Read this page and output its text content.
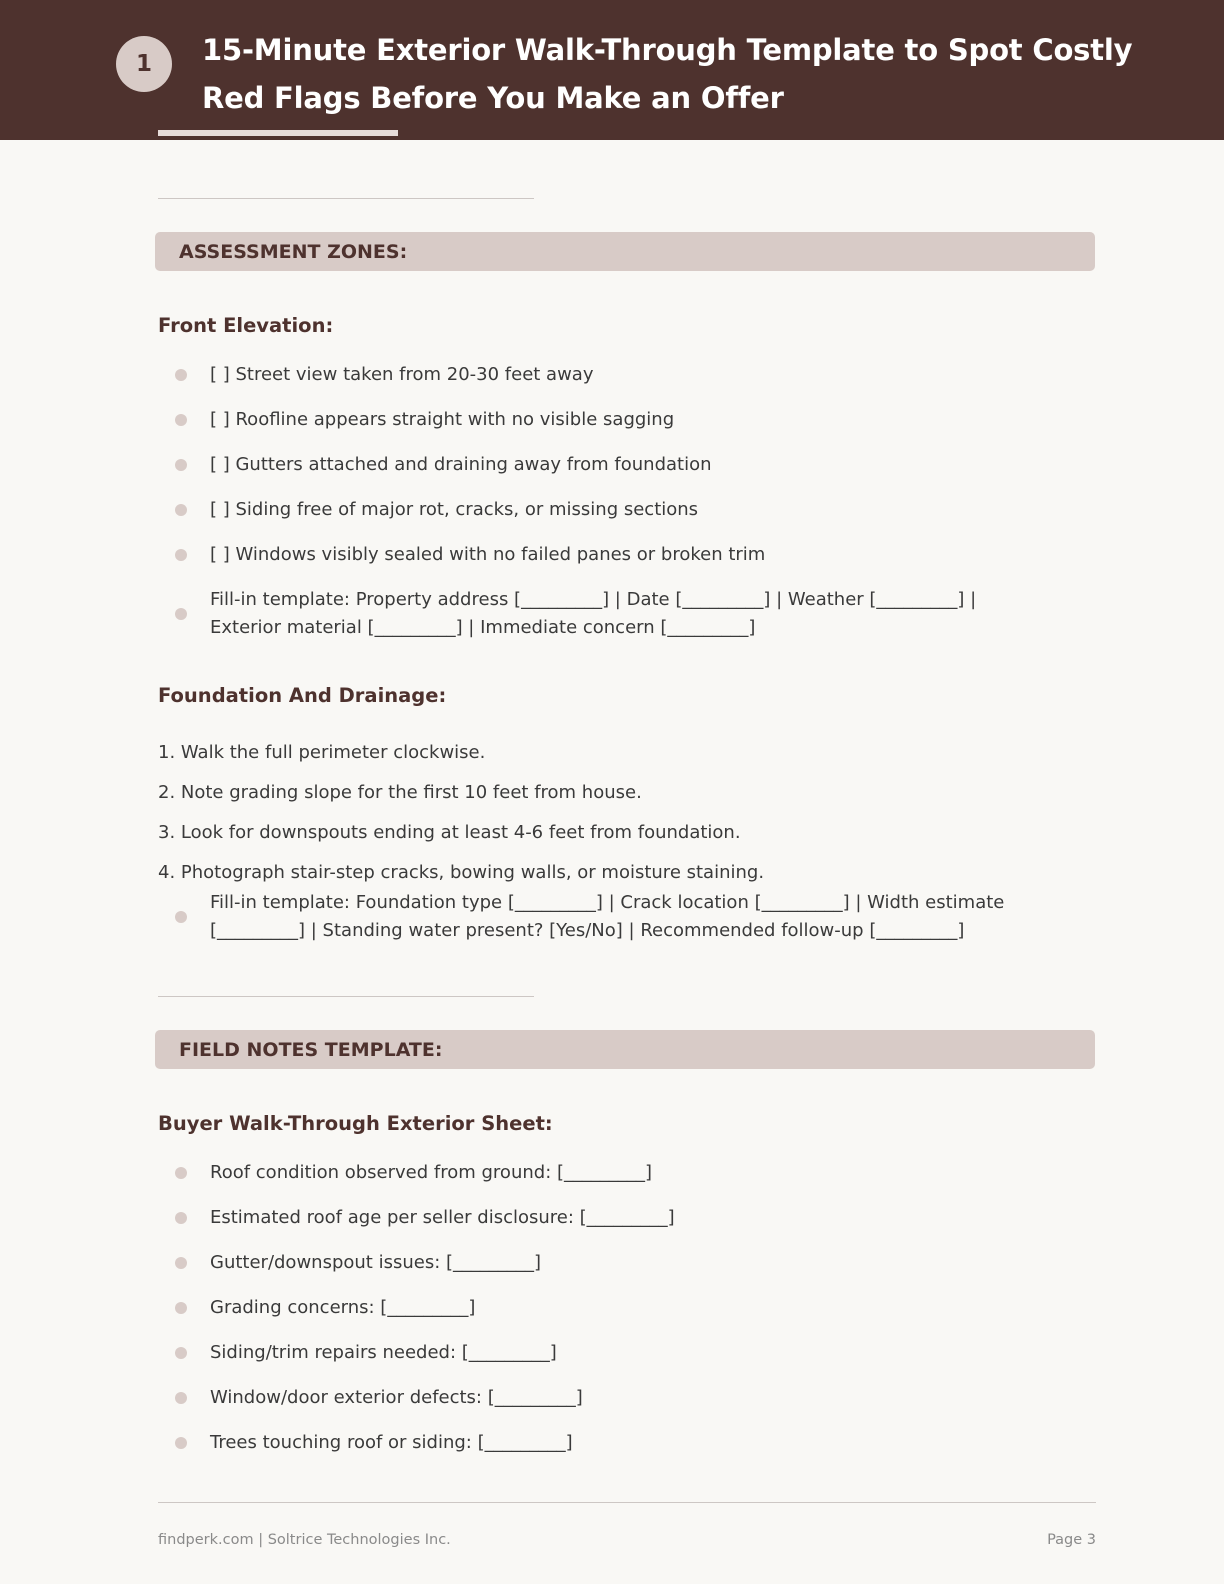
1	15-Minute Exterior Walk-Through Template to Spot Costly Red Flags Before You Make an Offer
ASSESSMENT ZONES:
Front Elevation:
[ ] Street view taken from 20-30 feet away
[ ] Roofline appears straight with no visible sagging
[ ] Gutters attached and draining away from foundation
[ ] Siding free of major rot, cracks, or missing sections
[ ] Windows visibly sealed with no failed panes or broken trim
Fill-in template: Property address [_________] | Date [_________] | Weather [_________] | Exterior material [_________] | Immediate concern [_________]
Foundation And Drainage:
1. Walk the full perimeter clockwise.
2. Note grading slope for the first 10 feet from house.
3. Look for downspouts ending at least 4-6 feet from foundation.
4. Photograph stair-step cracks, bowing walls, or moisture staining.
Fill-in template: Foundation type [_________] | Crack location [_________] | Width estimate [_________] | Standing water present? [Yes/No] | Recommended follow-up [_________]
FIELD NOTES TEMPLATE:
Buyer Walk-Through Exterior Sheet:
Roof condition observed from ground: [_________]
Estimated roof age per seller disclosure: [_________]
Gutter/downspout issues: [_________]
Grading concerns: [_________]
Siding/trim repairs needed: [_________]
Window/door exterior defects: [_________]
Trees touching roof or siding: [_________]
findperk.com | Soltrice Technologies Inc.	Page 3
